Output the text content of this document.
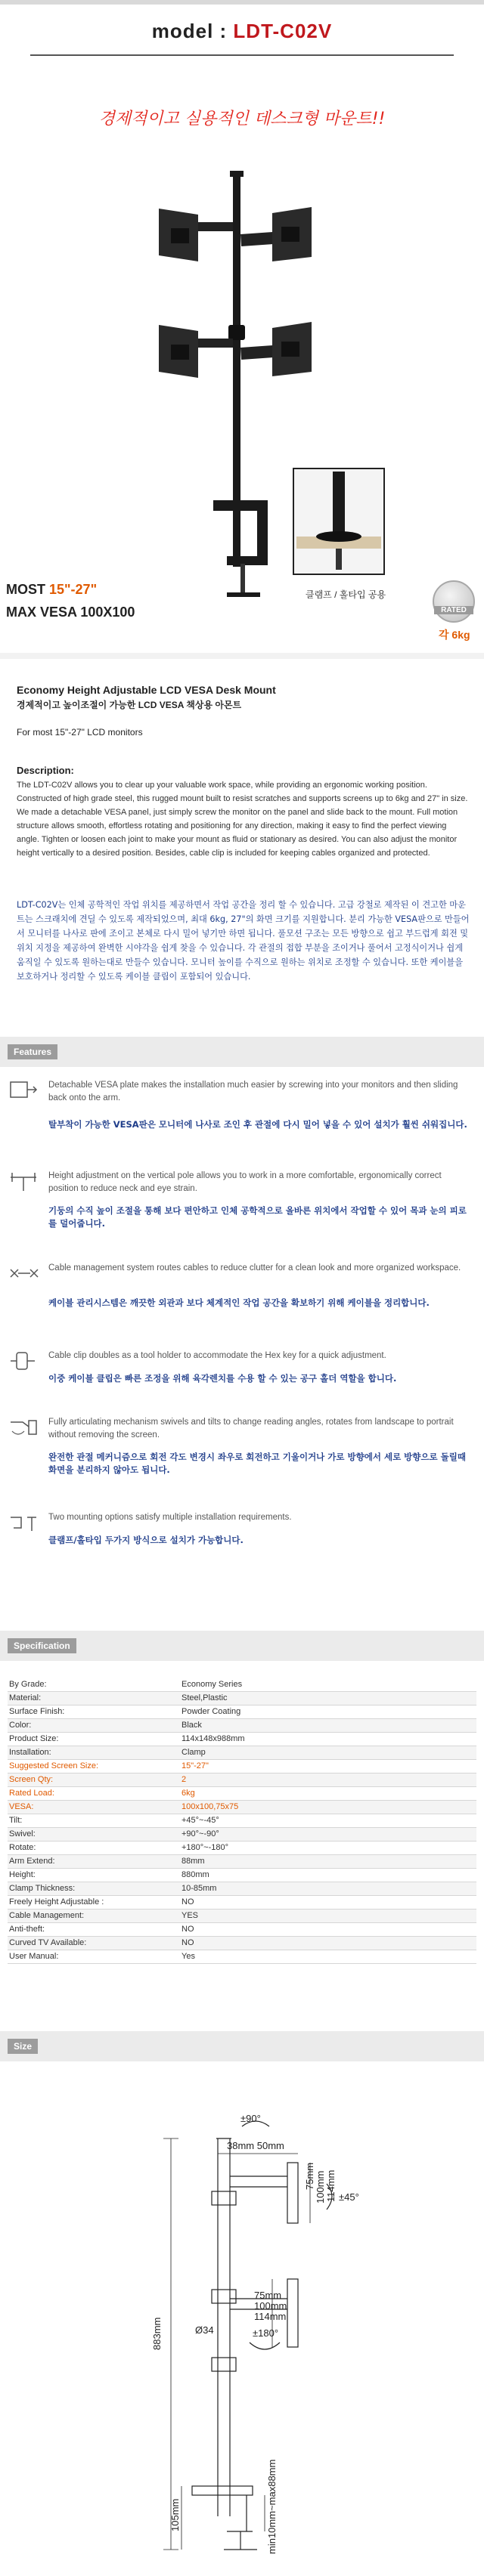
model : LDT-C02V
경제적이고 실용적인 데스크형 마운트!!
MOST 15"-27"
MAX VESA 100X100
클램프 / 홀타입 공용
RATED
각 6kg
Economy Height Adjustable LCD VESA Desk Mount
경제적이고 높이조절이 가능한 LCD VESA 책상용 아몬트
For most 15"-27" LCD monitors
Description:
The LDT-C02V allows you to clear up your valuable work space, while providing an ergonomic working position. Constructed of high grade steel, this rugged mount built to resist scratches and supports screens up to 6kg and 27" in size. We made a detachable VESA panel, just simply screw the monitor on the panel and slide back to the mount. Full motion structure allows smooth, effortless rotating and positioning for any direction, making it easy to find the perfect viewing angle. Tighten or loosen each joint to make your mount as fluid or stationary as desired. You can also adjust the monitor height vertically to a desired position. Besides, cable clip is included for keeping cables organized and protected.
LDT-C02V는 인체 공학적인 작업 위치를 제공하면서 작업 공간을 정리 할 수 있습니다. 고급 강철로 제작된 이 견고한 마운트는 스크래치에 견딜 수 있도록 제작되었으며, 최대 6kg, 27"의 화면 크기를 지원합니다. 분리 가능한 VESA판으로 만들어서 모니터를 나사로 판에 조이고 본체로 다시 밀어 넣기만 하면 됩니다. 풀모션 구조는 모든 방향으로 쉽고 부드럽게 회전 및 위치 지정을 제공하여 완벽한 시야각을 쉽게 찾을 수 있습니다. 각 관절의 접합 부분을 조이거나 풀어서 고정식이거나 쉽게 움직일 수 있도록 원하는대로 만들수 있습니다. 모니터 높이를 수직으로 원하는 위치로 조정할 수 있습니다. 또한 케이블을 보호하거나 정리할 수 있도록 케이블 클립이 포함되어 있습니다.
Features
Detachable VESA plate makes the installation much easier by screwing into your monitors and then sliding back onto the arm.
탈부착이 가능한 VESA판은 모니터에 나사로 조인 후 관절에 다시 밀어 넣을 수 있어 설치가 훨씬 쉬워집니다.
Height adjustment on the vertical pole allows you to work in a more comfortable, ergonomically correct position to reduce neck and eye strain.
기둥의 수직 높이 조절을 통해 보다 편안하고 인체 공학적으로 올바른 위치에서 작업할 수 있어 목과 눈의 피로를 덜어줍니다.
Cable management system routes cables to reduce clutter for a clean look and more organized workspace.
케이블 관리시스템은 깨끗한 외관과 보다 체계적인 작업 공간을 확보하기 위해 케이블을 정리합니다.
Cable clip doubles as a tool holder to accommodate the Hex key for a quick adjustment.
이중 케이블 클립은 빠른 조정을 위해 육각렌치를 수용 할 수 있는 공구 홀더 역할을 합니다.
Fully articulating mechanism swivels and tilts to change reading angles, rotates from landscape to portrait without removing the screen.
완전한 관절 메커니즘으로 회전 각도 변경시 좌우로 회전하고 기울이거나 가로 방향에서 세로 방향으로 돌릴때 화면을 분리하지 않아도 됩니다.
Two mounting options satisfy multiple installation requirements.
클램프/홀타입 두가지 방식으로 설치가 가능합니다.
Specification
By Grade:	Economy Series
Material:	Steel,Plastic
Surface Finish:	Powder Coating
Color:	Black
Product Size:	114x148x988mm
Installation:	Clamp
Suggested Screen Size:	15"-27"
Screen Qty:	2
Rated Load:	6kg
VESA:	100x100,75x75
Tilt:	+45°~-45°
Swivel:	+90°~-90°
Rotate:	+180°~-180°
Arm Extend:	88mm
Height:	880mm
Clamp Thickness:	10-85mm
Freely Height Adjustable :	NO
Cable Management:	YES
Anti-theft:	NO
Curved TV Available:	NO
User Manual:	Yes
Size
±90°
38mm 50mm
75mm 100mm 114mm ±45°
75mm
100mm
114mm
Ø34	±180°
883mm
105mm	min10mm~max88mm
